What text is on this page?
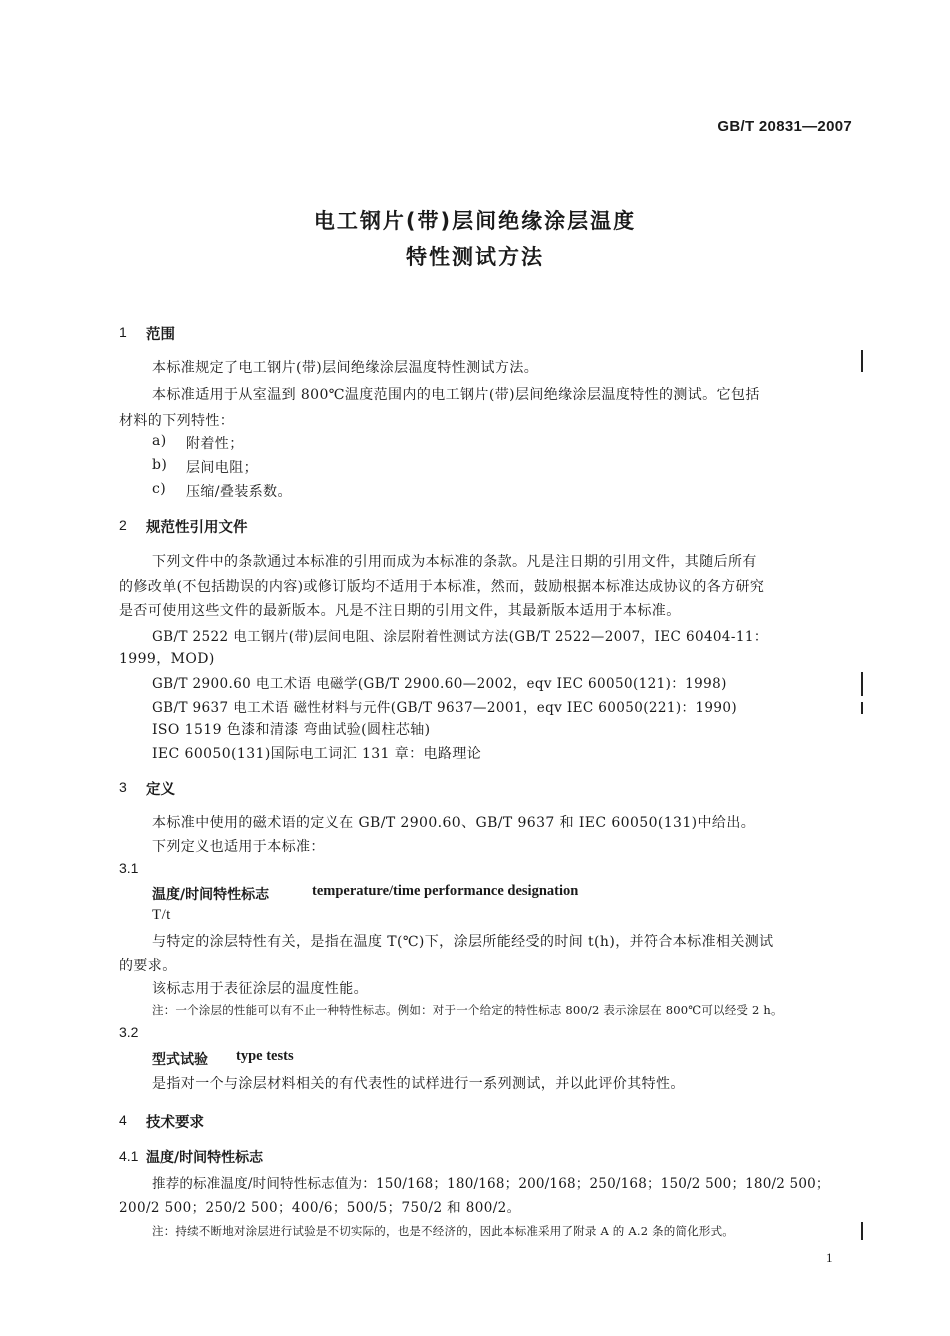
GB/T 20831—2007
电工钢片(带)层间绝缘涂层温度
特性测试方法
1 范围
本标准规定了电工钢片(带)层间绝缘涂层温度特性测试方法。
本标准适用于从室温到 800℃温度范围内的电工钢片(带)层间绝缘涂层温度特性的测试。它包括
材料的下列特性：
a) 附着性；
b) 层间电阻；
c) 压缩/叠装系数。
2 规范性引用文件
下列文件中的条款通过本标准的引用而成为本标准的条款。凡是注日期的引用文件，其随后所有
的修改单(不包括勘误的内容)或修订版均不适用于本标准，然而，鼓励根据本标准达成协议的各方研究
是否可使用这些文件的最新版本。凡是不注日期的引用文件，其最新版本适用于本标准。
GB/T 2522 电工钢片(带)层间电阻、涂层附着性测试方法(GB/T 2522—2007，IEC 60404-11：
1999，MOD)
GB/T 2900.60 电工术语 电磁学(GB/T 2900.60—2002，eqv IEC 60050(121)：1998)
GB/T 9637 电工术语 磁性材料与元件(GB/T 9637—2001，eqv IEC 60050(221)：1990)
ISO 1519 色漆和清漆 弯曲试验(圆柱芯轴)
IEC 60050(131)国际电工词汇 131 章：电路理论
3 定义
本标准中使用的磁术语的定义在 GB/T 2900.60、GB/T 9637 和 IEC 60050(131)中给出。
下列定义也适用于本标准：
3.1
温度/时间特性标志	temperature/time performance designation
T/t
与特定的涂层特性有关，是指在温度 T(℃)下，涂层所能经受的时间 t(h)，并符合本标准相关测试
的要求。
该标志用于表征涂层的温度性能。
注：一个涂层的性能可以有不止一种特性标志。例如：对于一个给定的特性标志 800/2 表示涂层在 800℃可以经受 2 h。
3.2
型式试验 type tests
是指对一个与涂层材料相关的有代表性的试样进行一系列测试，并以此评价其特性。
4 技术要求
4.1 温度/时间特性标志
推荐的标准温度/时间特性标志值为：150/168；180/168；200/168；250/168；150/2 500；180/2 500；
200/2 500；250/2 500；400/6；500/5；750/2 和 800/2。
注：持续不断地对涂层进行试验是不切实际的，也是不经济的，因此本标准采用了附录 A 的 A.2 条的简化形式。
1
